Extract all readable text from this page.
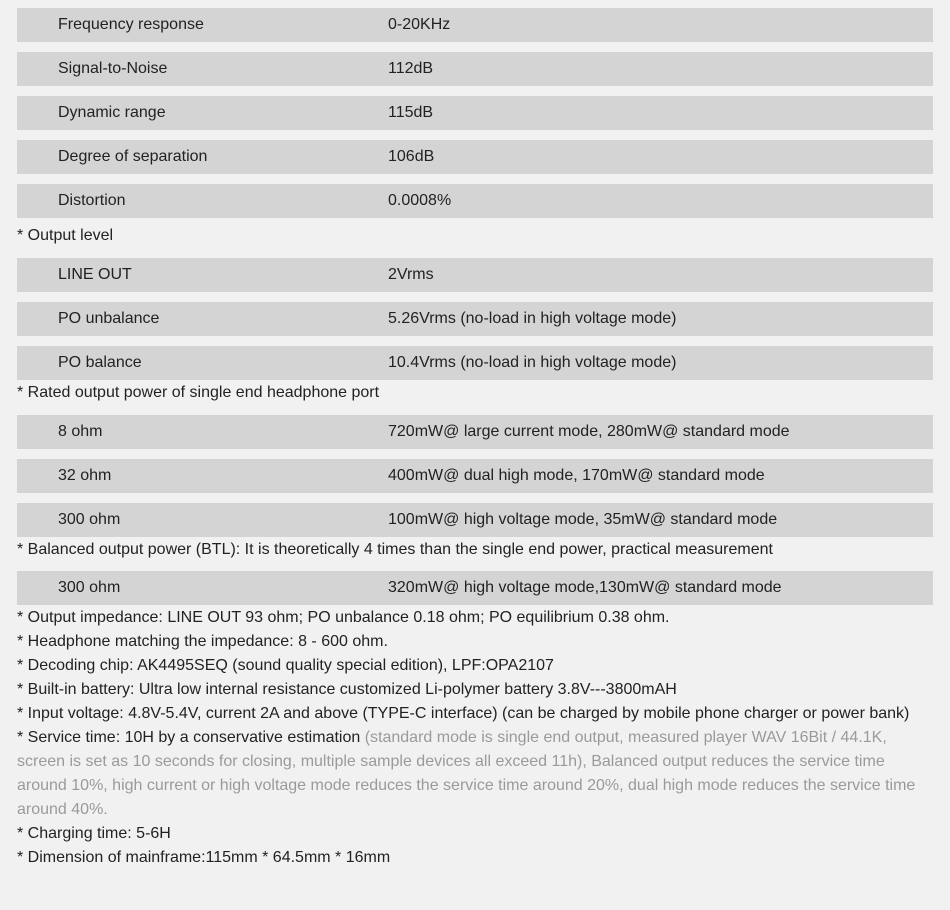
Frequency response	0-20KHz
Signal-to-Noise	112dB
Dynamic range	115dB
Degree of separation	106dB
Distortion	0.0008%
* Output level
LINE OUT	2Vrms
PO unbalance	5.26Vrms (no-load in high voltage mode)
PO balance	10.4Vrms (no-load in high voltage mode)
* Rated output power of single end headphone port
8 ohm	720mW@ large current mode, 280mW@ standard mode
32 ohm	400mW@ dual high mode, 170mW@ standard mode
300 ohm	100mW@ high voltage mode, 35mW@ standard mode
* Balanced output power (BTL): It is theoretically 4 times than the single end power, practical measurement
300 ohm	320mW@ high voltage mode,130mW@ standard mode
* Output impedance: LINE OUT 93 ohm; PO unbalance 0.18 ohm; PO equilibrium 0.38 ohm.
* Headphone matching the impedance: 8 - 600 ohm.
* Decoding chip: AK4495SEQ (sound quality special edition), LPF:OPA2107
* Built-in battery: Ultra low internal resistance customized Li-polymer battery 3.8V---3800mAH
* Input voltage: 4.8V-5.4V, current 2A and above (TYPE-C interface) (can be charged by mobile phone charger or power bank)
* Service time: 10H by a conservative estimation (standard mode is single end output, measured player WAV 16Bit / 44.1K, screen is set as 10 seconds for closing, multiple sample devices all exceed 11h), Balanced output reduces the service time around 10%, high current or high voltage mode reduces the service time around 20%, dual high mode reduces the service time around 40%.
* Charging time: 5-6H
* Dimension of mainframe:115mm * 64.5mm * 16mm
